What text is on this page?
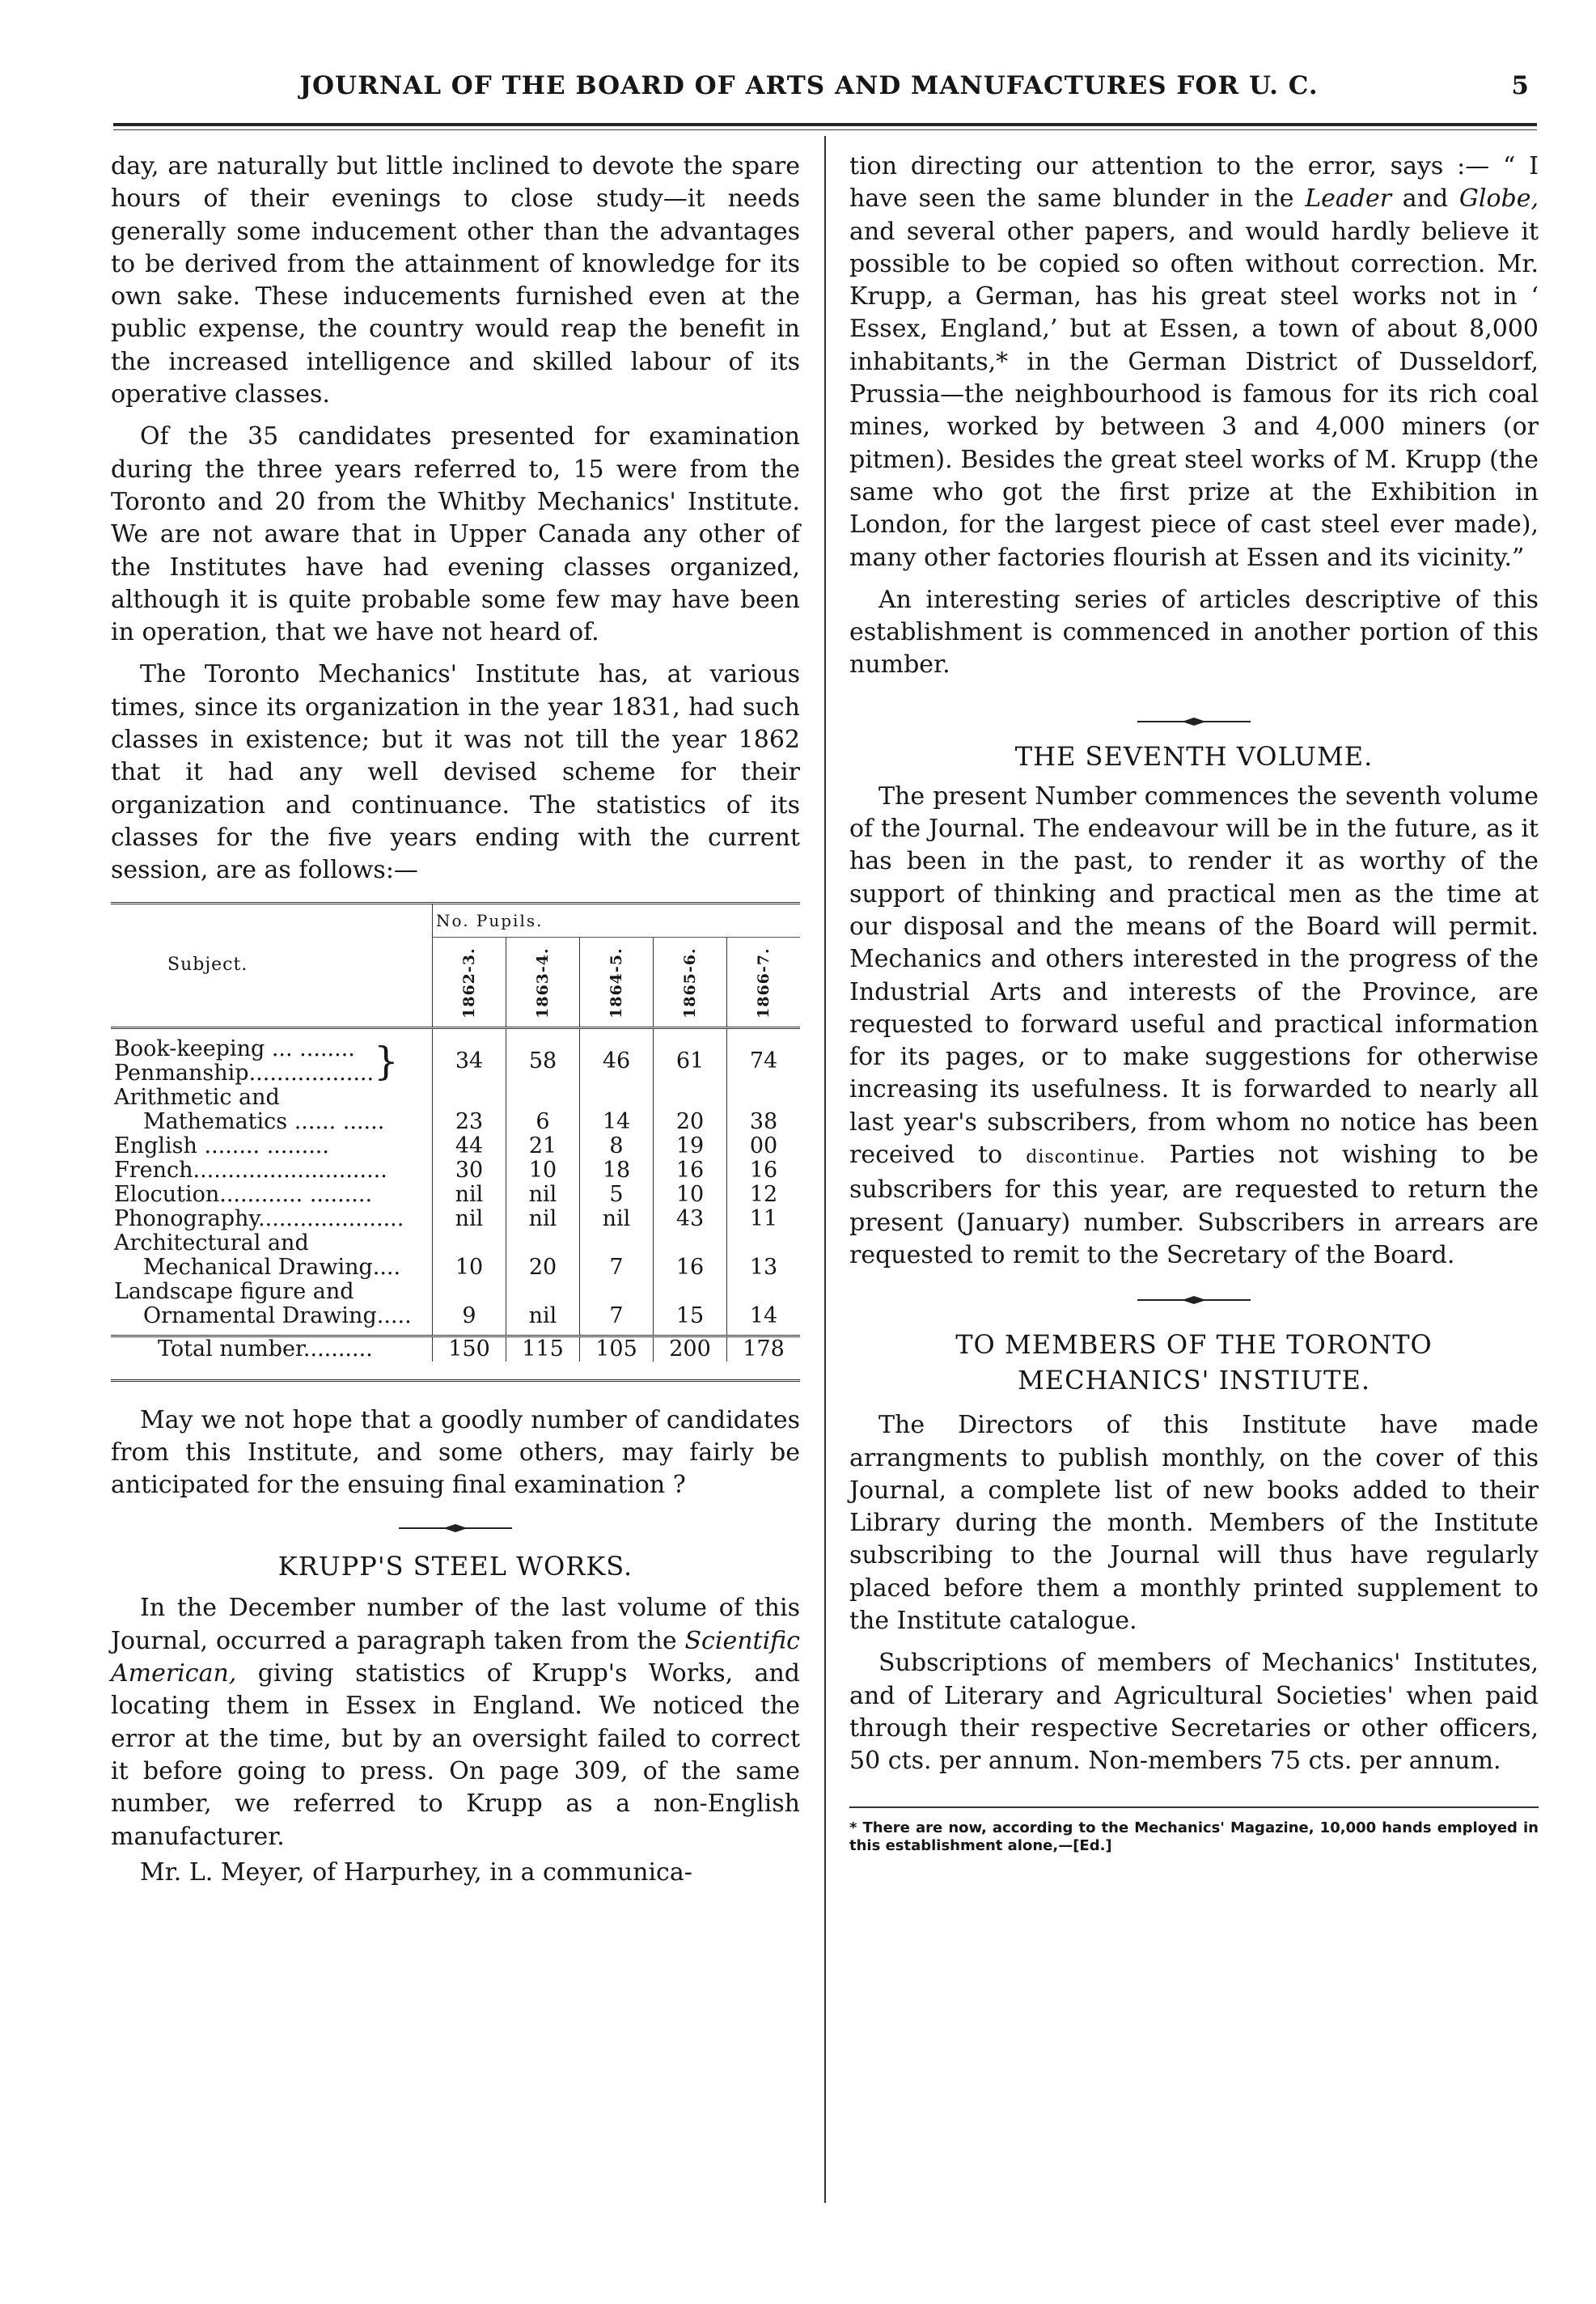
JOURNAL OF THE BOARD OF ARTS AND MANUFACTURES FOR U. C.	5

day, are naturally but little inclined to devote the spare hours of their evenings to close study—it needs generally some inducement other than the advantages to be derived from the attainment of knowledge for its own sake. These inducements furnished even at the public expense, the country would reap the benefit in the increased intelligence and skilled labour of its operative classes.

Of the 35 candidates presented for examination during the three years referred to, 15 were from the Toronto and 20 from the Whitby Mechanics' Institute. We are not aware that in Upper Canada any other of the Institutes have had evening classes organized, although it is quite probable some few may have been in operation, that we have not heard of.

The Toronto Mechanics' Institute has, at various times, since its organization in the year 1831, had such classes in existence; but it was not till the year 1862 that it had any well devised scheme for their organization and continuance. The statistics of its classes for the five years ending with the current session, are as follows:—

Subject.	No. Pupils.				

	1862-3.	1863-4.	1864-5.	1865-6.	1866-7.

Book-keeping ... ........
Penmanship..................}	34	58	46	61	74
Arithmetic and
Mathematics ...... ......	23	6	14	20	38
English ........ .........	44	21	8	19	00
French............................	30	10	18	16	16
Elocution............ .........	nil	nil	5	10	12
Phonography.....................	nil	nil	nil	43	11
Architectural and
Mechanical Drawing....	10	20	7	16	13
Landscape figure and
Ornamental Drawing.....	9	nil	7	15	14
Total number..........	150	115	105	200	178

May we not hope that a goodly number of candidates from this Institute, and some others, may fairly be anticipated for the ensuing final examination ?

KRUPP'S STEEL WORKS.

In the December number of the last volume of this Journal, occurred a paragraph taken from the Scientific American, giving statistics of Krupp's Works, and locating them in Essex in England. We noticed the error at the time, but by an oversight failed to correct it before going to press. On page 309, of the same number, we referred to Krupp as a non-English manufacturer.

Mr. L. Meyer, of Harpurhey, in a communica-

tion directing our attention to the error, says :— “ I have seen the same blunder in the Leader and Globe, and several other papers, and would hardly believe it possible to be copied so often without correction. Mr. Krupp, a German, has his great steel works not in ‘ Essex, England,’ but at Essen, a town of about 8,000 inhabitants,* in the German District of Dusseldorf, Prussia—the neighbourhood is famous for its rich coal mines, worked by between 3 and 4,000 miners (or pitmen). Besides the great steel works of M. Krupp (the same who got the first prize at the Exhibition in London, for the largest piece of cast steel ever made), many other factories flourish at Essen and its vicinity.”

An interesting series of articles descriptive of this establishment is commenced in another portion of this number.

THE SEVENTH VOLUME.

The present Number commences the seventh volume of the Journal. The endeavour will be in the future, as it has been in the past, to render it as worthy of the support of thinking and practical men as the time at our disposal and the means of the Board will permit. Mechanics and others interested in the progress of the Industrial Arts and interests of the Province, are requested to forward useful and practical information for its pages, or to make suggestions for otherwise increasing its usefulness. It is forwarded to nearly all last year's subscribers, from whom no notice has been received to discontinue. Parties not wishing to be subscribers for this year, are requested to return the present (January) number. Subscribers in arrears are requested to remit to the Secretary of the Board.

TO MEMBERS OF THE TORONTO
MECHANICS' INSTIUTE.

The Directors of this Institute have made arrangments to publish monthly, on the cover of this Journal, a complete list of new books added to their Library during the month. Members of the Institute subscribing to the Journal will thus have regularly placed before them a monthly printed supplement to the Institute catalogue.

Subscriptions of members of Mechanics' Institutes, and of Literary and Agricultural Societies' when paid through their respective Secretaries or other officers, 50 cts. per annum. Non-members 75 cts. per annum.

* There are now, according to the Mechanics' Magazine, 10,000 hands employed in this establishment alone,—[Ed.]
